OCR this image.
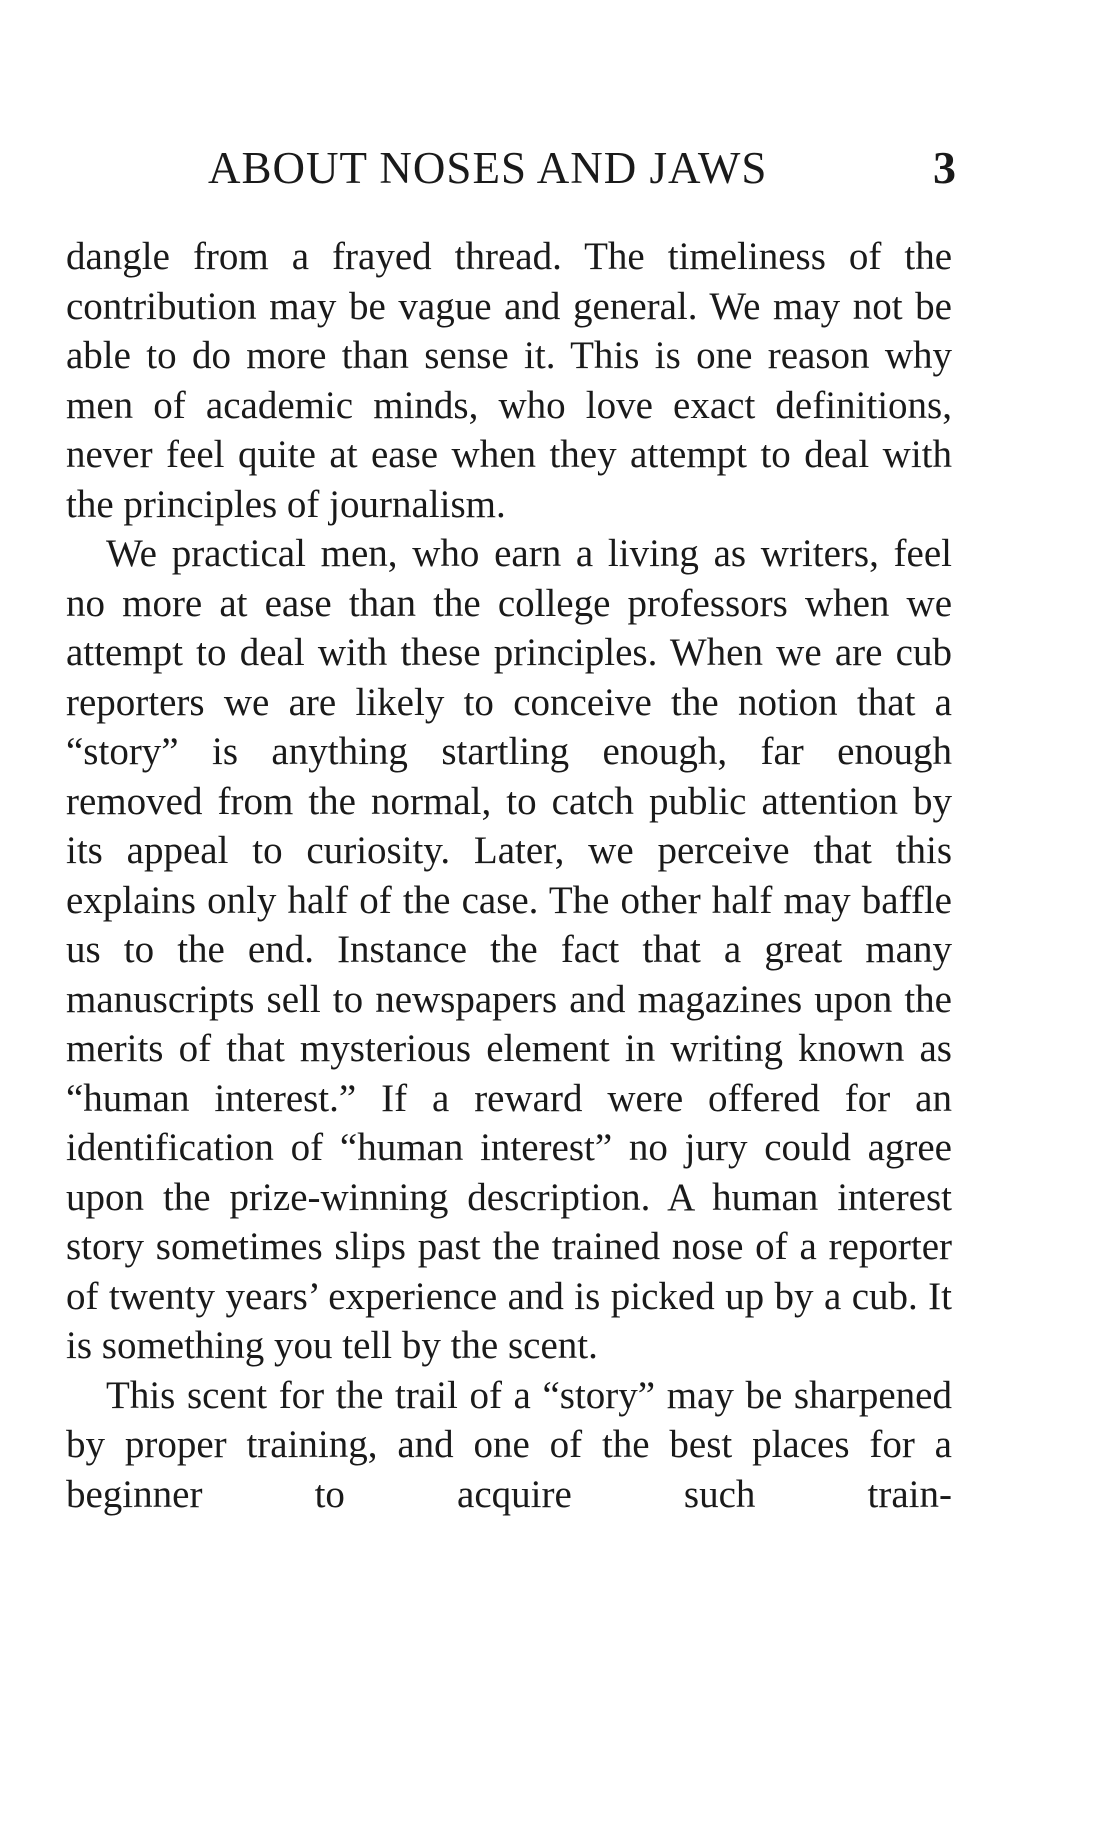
ABOUT NOSES AND JAWS	3

dangle from a frayed thread. The timeliness of the contribution may be vague and general. We may not be able to do more than sense it. This is one reason why men of academic minds, who love exact definitions, never feel quite at ease when they attempt to deal with the principles of journalism.

We practical men, who earn a living as writers, feel no more at ease than the college professors when we attempt to deal with these principles. When we are cub reporters we are likely to conceive the notion that a “story” is anything startling enough, far enough removed from the normal, to catch public attention by its appeal to curiosity. Later, we perceive that this explains only half of the case. The other half may baffle us to the end. Instance the fact that a great many manuscripts sell to newspapers and magazines upon the merits of that mysterious element in writing known as “human interest.” If a reward were offered for an identification of “human interest” no jury could agree upon the prize-winning description. A human interest story sometimes slips past the trained nose of a reporter of twenty years’ experience and is picked up by a cub. It is something you tell by the scent.

This scent for the trail of a “story” may be sharpened by proper training, and one of the best places for a beginner to acquire such train-
